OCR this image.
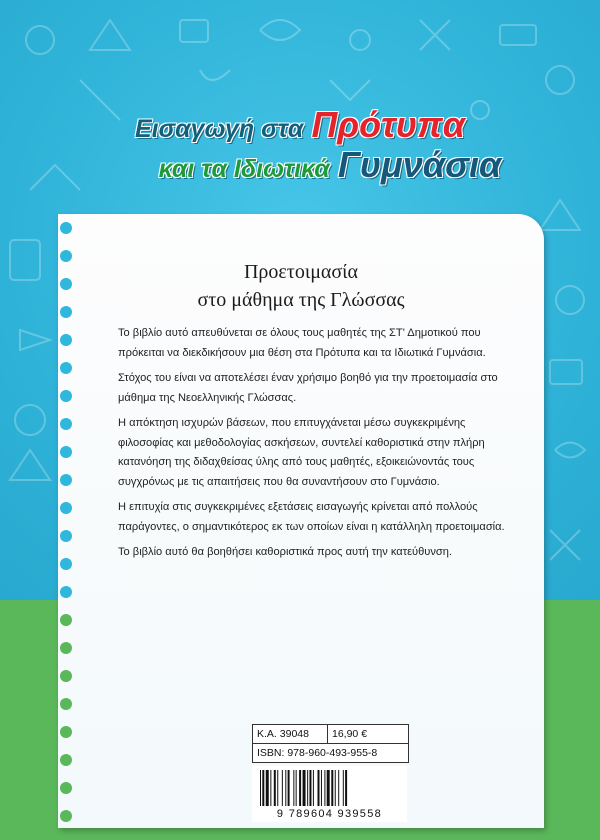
Εισαγωγή στα Πρότυπα
και τα Ιδιωτικά Γυμνάσια
Προετοιμασία
στο μάθημα της Γλώσσας

Το βιβλίο αυτό απευθύνεται σε όλους τους μαθητές της ΣΤ' Δημοτικού που πρόκειται να διεκδικήσουν μια θέση στα Πρότυπα και τα Ιδιωτικά Γυμνάσια.

Στόχος του είναι να αποτελέσει έναν χρήσιμο βοηθό για την προετοιμασία στο μάθημα της Νεοελληνικής Γλώσσας.

Η απόκτηση ισχυρών βάσεων, που επιτυγχάνεται μέσω συγκεκριμένης φιλοσοφίας και μεθοδολογίας ασκήσεων, συντελεί καθοριστικά στην πλήρη κατανόηση της διδαχθείσας ύλης από τους μαθητές, εξοικειώνοντάς τους συγχρόνως με τις απαιτήσεις που θα συναντήσουν στο Γυμνάσιο.

Η επιτυχία στις συγκεκριμένες εξετάσεις εισαγωγής κρίνεται από πολλούς παράγοντες, ο σημαντικότερος εκ των οποίων είναι η κατάλληλη προετοιμασία.

Το βιβλίο αυτό θα βοηθήσει καθοριστικά προς αυτή την κατεύθυνση.

Κ.Α. 39048	16,90 €
ISBN: 978-960-493-955-8
9 789604 939558
